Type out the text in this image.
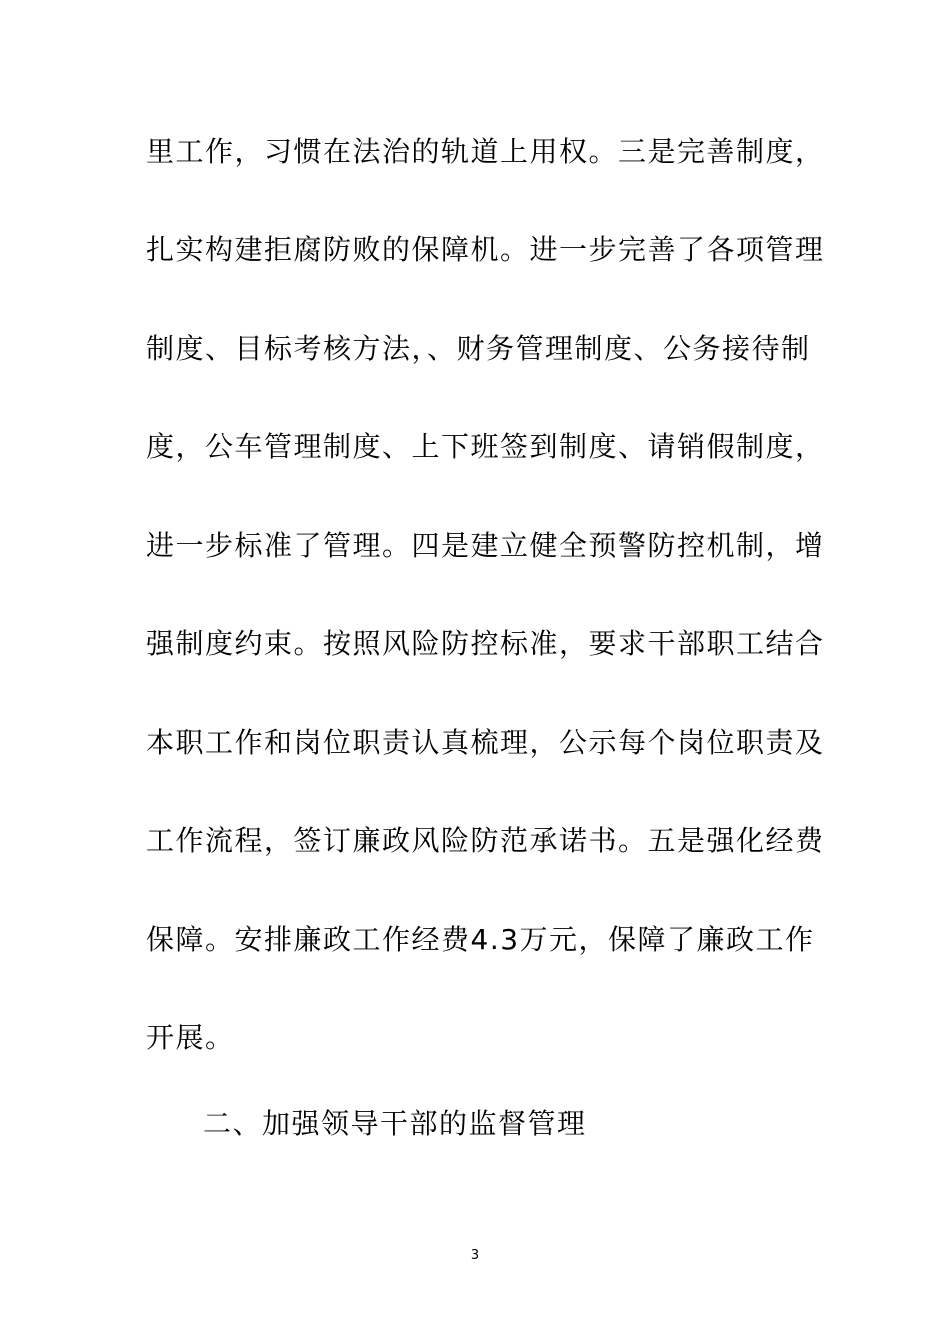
里工作，习惯在法治的轨道上用权。三是完善制度，
扎实构建拒腐防败的保障机。进一步完善了各项管理
制度、目标考核方法，、财务管理制度、公务接待制
度，公车管理制度、上下班签到制度、请销假制度，
进一步标准了管理。四是建立健全预警防控机制，增
强制度约束。按照风险防控标准，要求干部职工结合
本职工作和岗位职责认真梳理，公示每个岗位职责及
工作流程，签订廉政风险防范承诺书。五是强化经费
保障。安排廉政工作经费4.3万元，保障了廉政工作
开展。
二、加强领导干部的监督管理
3
